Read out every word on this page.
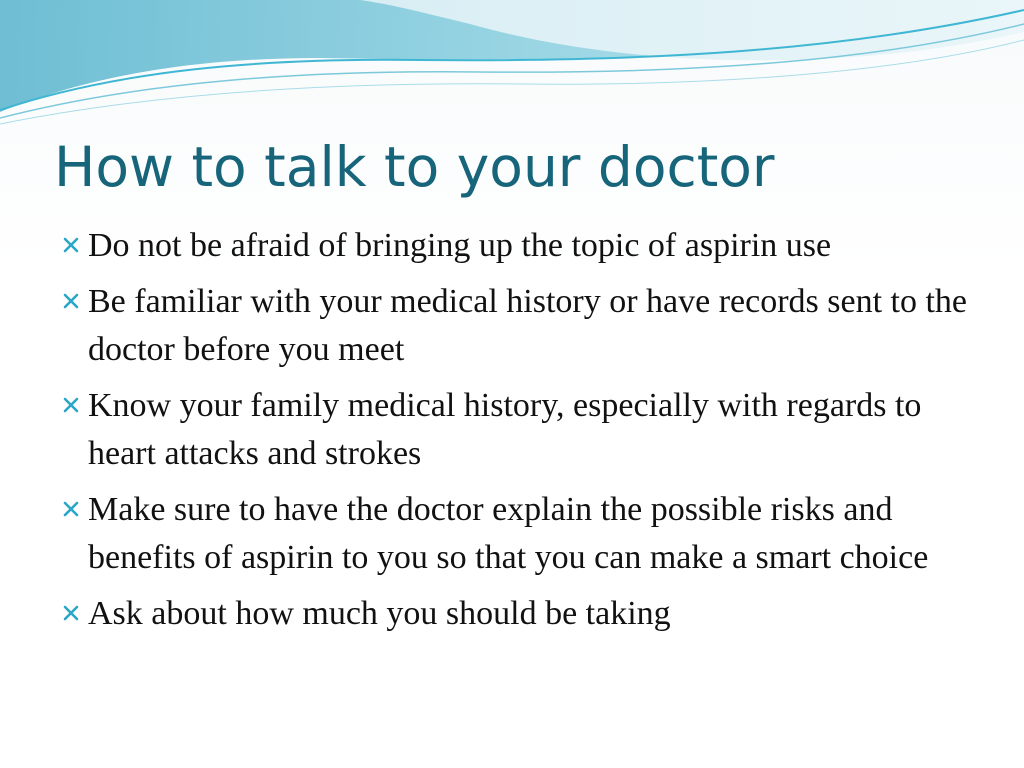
How to talk to your doctor
Do not be afraid of bringing up the topic of aspirin use
Be familiar with your medical history or have records sent to the doctor before you meet
Know your family medical history, especially with regards to heart attacks and strokes
Make sure to have the doctor explain the possible risks and benefits of aspirin to you so that you can make a smart choice
Ask about how much you should be taking
